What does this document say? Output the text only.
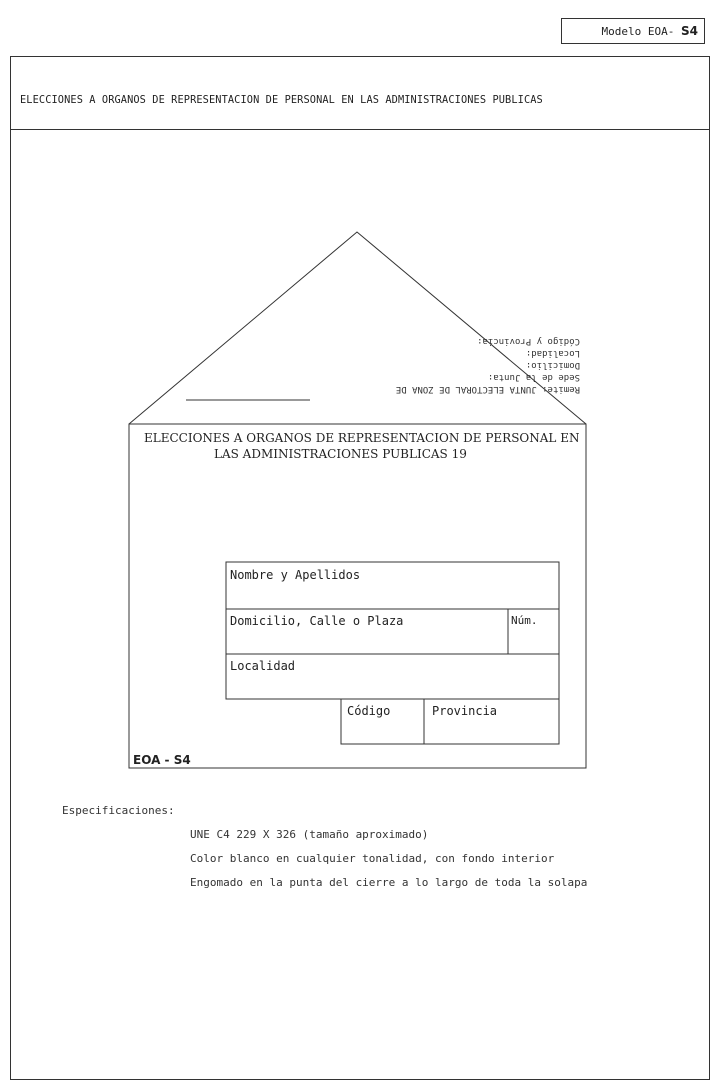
Modelo EOA- S4
ELECCIONES A ORGANOS DE REPRESENTACION DE PERSONAL EN LAS ADMINISTRACIONES PUBLICAS
Remite: JUNTA ELECTORAL DE ZONA DE
Sede de la Junta:
Domicilio:
Localidad:
Código y Provincia:
ELECCIONES A ORGANOS DE REPRESENTACION DE PERSONAL EN
LAS ADMINISTRACIONES PUBLICAS 19
Nombre y Apellidos
Domicilio, Calle o Plaza	Núm.
Localidad
Código	Provincia
EOA - S4
Especificaciones:
UNE C4 229 X 326 (tamaño aproximado)
Color blanco en cualquier tonalidad, con fondo interior
Engomado en la punta del cierre a lo largo de toda la solapa
